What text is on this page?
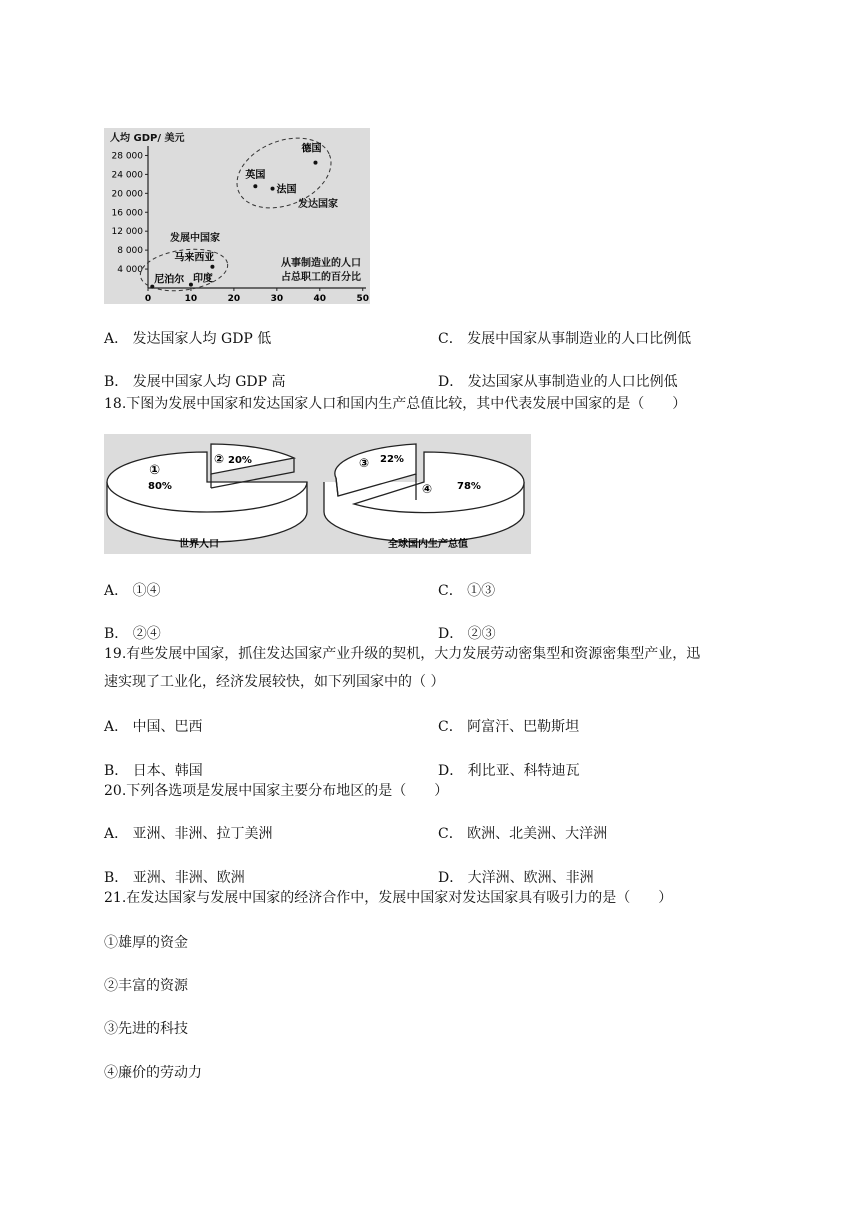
人均 GDP/ 美元
28 000
24 000
20 000
16 000
12 000
8 000
4 000
0	10	20	30	40	50
发达国家
发展中国家
从事制造业的人口
占总职工的百分比
德国
英国
法国
马来西亚
尼泊尔 印度
A． 发达国家人均 GDP 低	C． 发展中国家从事制造业的人口比例低
B． 发展中国家人均 GDP 高	D． 发达国家从事制造业的人口比例低
18.下图为发展中国家和发达国家人口和国内生产总值比较，其中代表发展中国家的是（　　）
①
80%
② 20%
世界人口
③ 22%
④ 78%
全球国内生产总值
A． ①④	C． ①③
B． ②④	D． ②③
19.有些发展中国家，抓住发达国家产业升级的契机，大力发展劳动密集型和资源密集型产业，迅
速实现了工业化，经济发展较快，如下列国家中的（ ）
A． 中国、巴西	C． 阿富汗、巴勒斯坦
B． 日本、韩国	D． 利比亚、科特迪瓦
20.下列各选项是发展中国家主要分布地区的是（　　）
A． 亚洲、非洲、拉丁美洲	C． 欧洲、北美洲、大洋洲
B． 亚洲、非洲、欧洲	D． 大洋洲、欧洲、非洲
21.在发达国家与发展中国家的经济合作中，发展中国家对发达国家具有吸引力的是（　　）
①雄厚的资金
②丰富的资源
③先进的科技
④廉价的劳动力
